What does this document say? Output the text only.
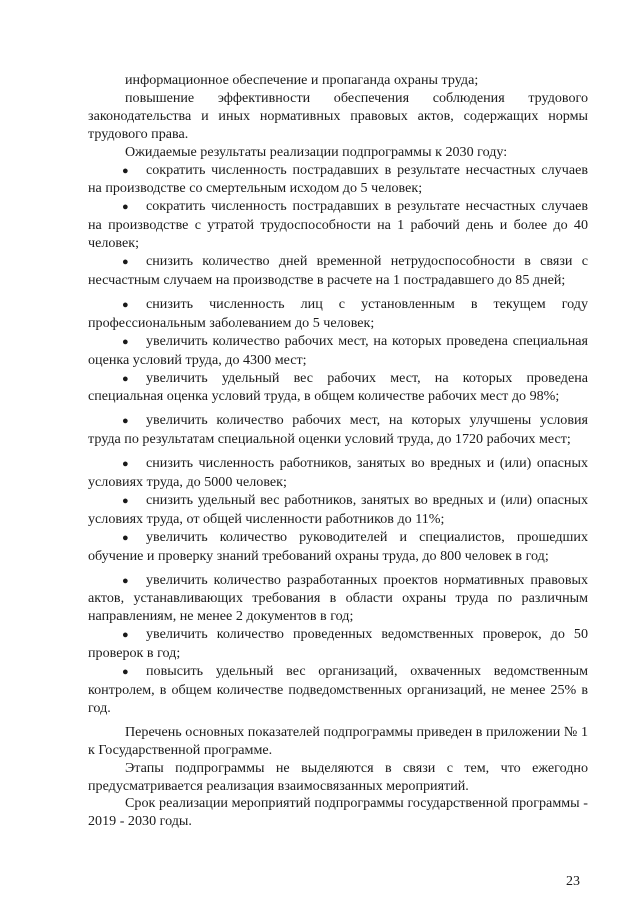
информационное обеспечение и пропаганда охраны труда;

повышение эффективности обеспечения соблюдения трудового законодательства и иных нормативных правовых актов, содержащих нормы трудового права.

Ожидаемые результаты реализации подпрограммы к 2030 году:

● сократить численность пострадавших в результате несчастных случаев на производстве со смертельным исходом до 5 человек;

● сократить численность пострадавших в результате несчастных случаев на производстве с утратой трудоспособности на 1 рабочий день и более до 40 человек;

● снизить количество дней временной нетрудоспособности в связи с несчастным случаем на производстве в расчете на 1 пострадавшего до 85 дней;

● снизить численность лиц с установленным в текущем году профессиональным заболеванием до 5 человек;

● увеличить количество рабочих мест, на которых проведена специальная оценка условий труда, до 4300 мест;

● увеличить удельный вес рабочих мест, на которых проведена специальная оценка условий труда, в общем количестве рабочих мест до 98%;

● увеличить количество рабочих мест, на которых улучшены условия труда по результатам специальной оценки условий труда, до 1720 рабочих мест;

● снизить численность работников, занятых во вредных и (или) опасных условиях труда, до 5000 человек;

● снизить удельный вес работников, занятых во вредных и (или) опасных условиях труда, от общей численности работников до 11%;

● увеличить количество руководителей и специалистов, прошедших обучение и проверку знаний требований охраны труда, до 800 человек в год;

● увеличить количество разработанных проектов нормативных правовых актов, устанавливающих требования в области охраны труда по различным направлениям, не менее 2 документов в год;

● увеличить количество проведенных ведомственных проверок, до 50 проверок в год;

● повысить удельный вес организаций, охваченных ведомственным контролем, в общем количестве подведомственных организаций, не менее 25% в год.

Перечень основных показателей подпрограммы приведен в приложении № 1 к Государственной программе.

Этапы подпрограммы не выделяются в связи с тем, что ежегодно предусматривается реализация взаимосвязанных мероприятий.

Срок реализации мероприятий подпрограммы государственной программы - 2019 - 2030 годы.

23
